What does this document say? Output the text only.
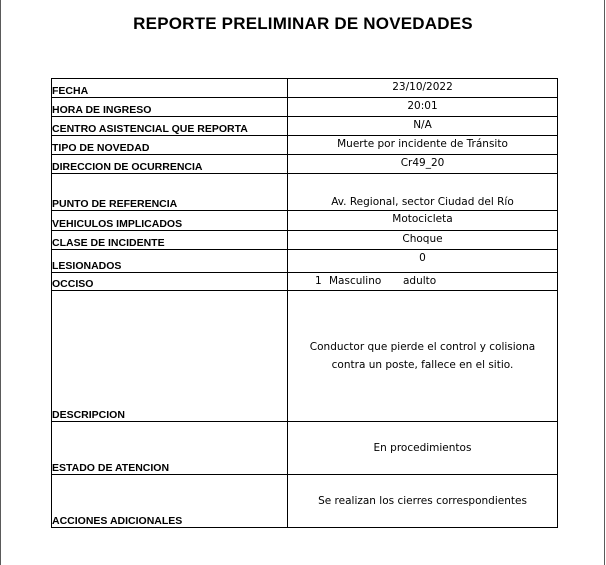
REPORTE PRELIMINAR DE NOVEDADES
FECHA	23/10/2022
HORA DE INGRESO	20:01
CENTRO ASISTENCIAL QUE REPORTA	N/A
TIPO DE NOVEDAD	Muerte por incidente de Tránsito
DIRECCION DE OCURRENCIA	Cr49_20
PUNTO DE REFERENCIA	Av. Regional, sector Ciudad del Río
VEHICULOS IMPLICADOS	Motocicleta
CLASE DE INCIDENTE	Choque
LESIONADOS	0
OCCISO	1 Masculino adulto

DESCRIPCION	Conductor que pierde el control y colisiona contra un poste, fallece en el sitio.
ESTADO DE ATENCION	En procedimientos
ACCIONES ADICIONALES	Se realizan los cierres correspondientes
